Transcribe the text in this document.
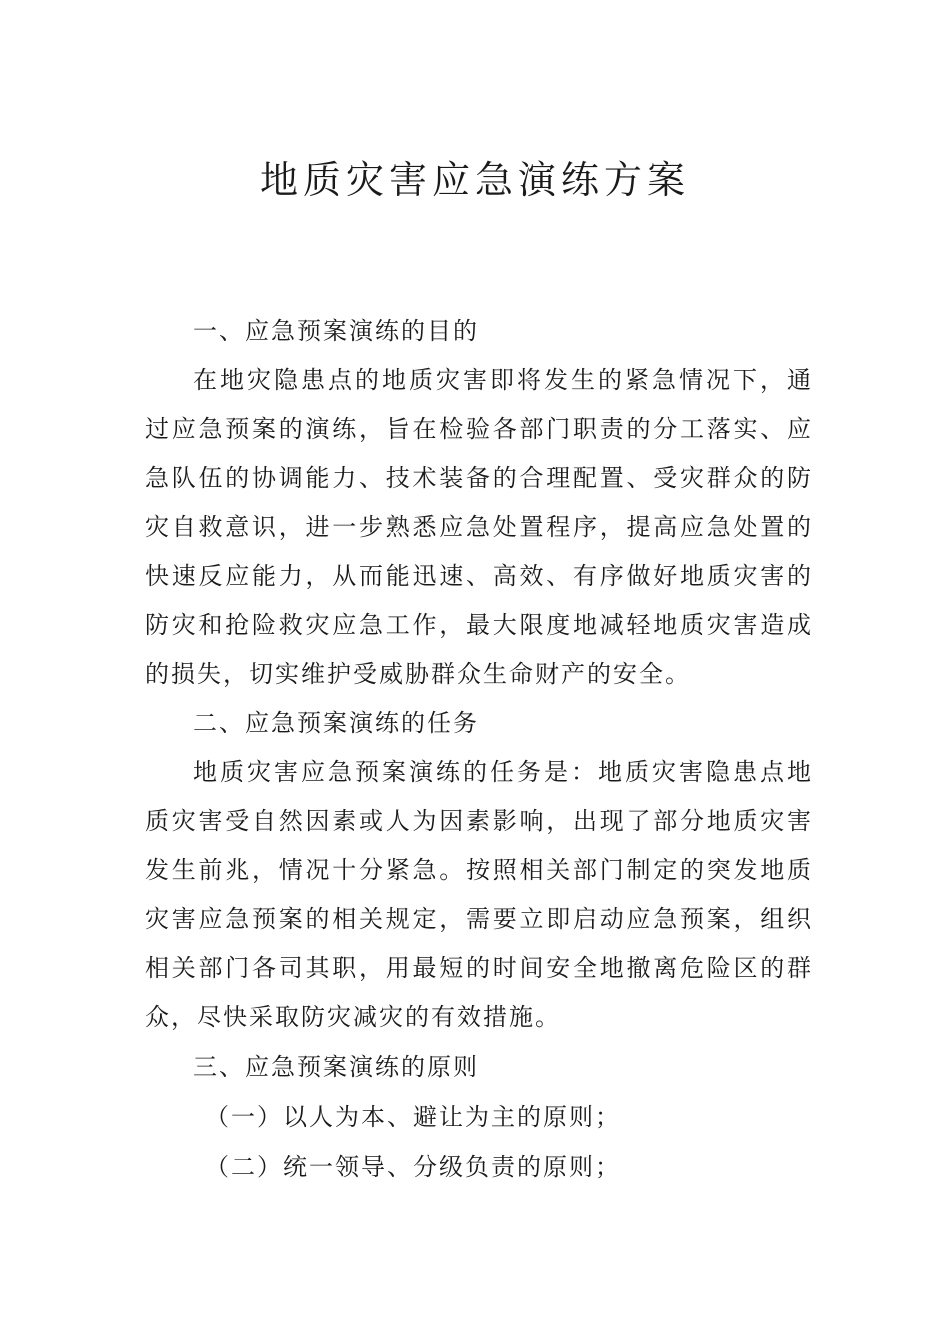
地质灾害应急演练方案

一、应急预案演练的目的

在地灾隐患点的地质灾害即将发生的紧急情况下，通过应急预案的演练，旨在检验各部门职责的分工落实、应急队伍的协调能力、技术装备的合理配置、受灾群众的防灾自救意识，进一步熟悉应急处置程序，提高应急处置的快速反应能力，从而能迅速、高效、有序做好地质灾害的防灾和抢险救灾应急工作，最大限度地减轻地质灾害造成的损失，切实维护受威胁群众生命财产的安全。

二、应急预案演练的任务

地质灾害应急预案演练的任务是：地质灾害隐患点地质灾害受自然因素或人为因素影响，出现了部分地质灾害发生前兆，情况十分紧急。按照相关部门制定的突发地质灾害应急预案的相关规定，需要立即启动应急预案，组织相关部门各司其职，用最短的时间安全地撤离危险区的群众，尽快采取防灾减灾的有效措施。

三、应急预案演练的原则

（一）以人为本、避让为主的原则；

（二）统一领导、分级负责的原则；
